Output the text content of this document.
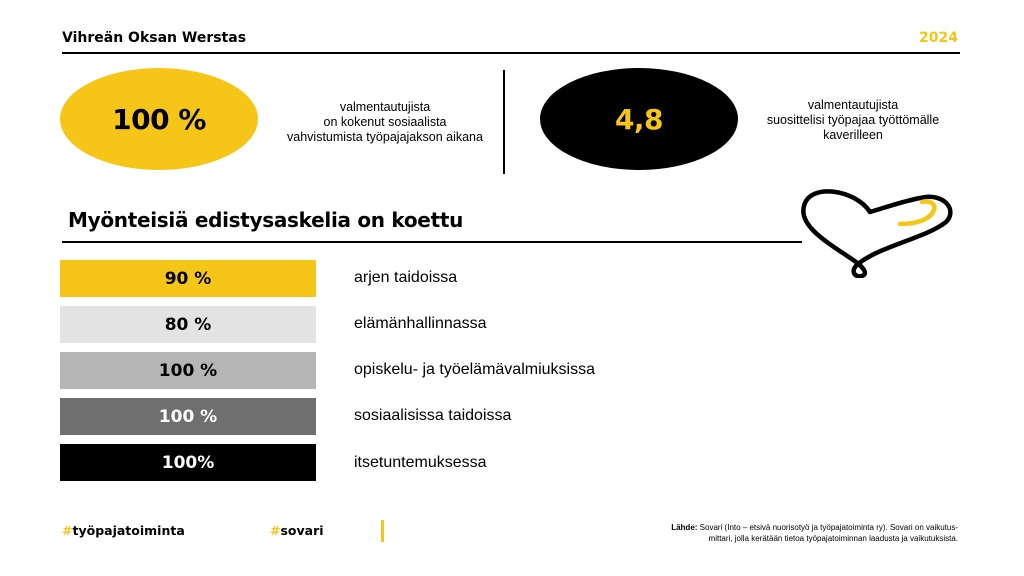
Vihreän Oksan Werstas	2024
100 %	valmentautujista
on kokenut sosiaalista
vahvistumista työpajajakson aikana
4,8	valmentautujista
suosittelisi työpajaa työttömälle
kaverilleen
Myönteisiä edistysaskelia on koettu
90 %	arjen taidoissa
80 %	elämänhallinnassa
100 %	opiskelu- ja työelämävalmiuksissa
100 %	sosiaalisissa taidoissa
100%	itsetuntemuksessa
#työpajatoiminta	#sovari	Lähde: Sovari (Into – etsivä nuorisotyö ja työpajatoiminta ry). Sovari on vaikutus-
mittari, jolla kerätään tietoa työpajatoiminnan laadusta ja vaikutuksista.
